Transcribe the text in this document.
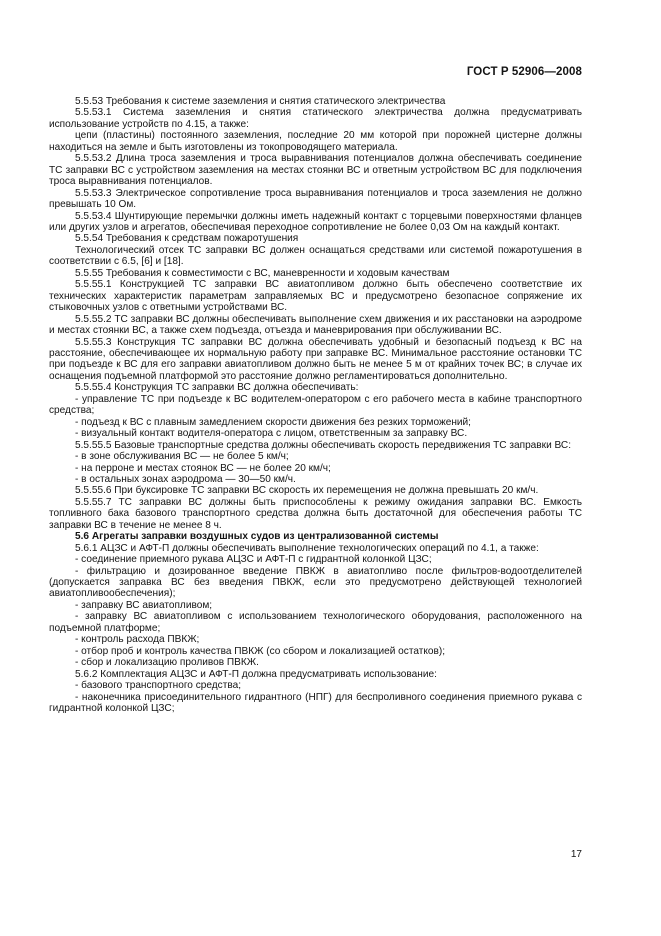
ГОСТ Р 52906—2008

5.5.53 Требования к системе заземления и снятия статического электричества

5.5.53.1 Система заземления и снятия статического электричества должна предусматривать использование устройств по 4.15, а также:

цепи (пластины) постоянного заземления, последние 20 мм которой при порожней цистерне должны находиться на земле и быть изготовлены из токопроводящего материала.

5.5.53.2 Длина троса заземления и троса выравнивания потенциалов должна обеспечивать соединение ТС заправки ВС с устройством заземления на местах стоянки ВС и ответным устройством ВС для подключения троса выравнивания потенциалов.

5.5.53.3 Электрическое сопротивление троса выравнивания потенциалов и троса заземления не должно превышать 10 Ом.

5.5.53.4 Шунтирующие перемычки должны иметь надежный контакт с торцевыми поверхностями фланцев или других узлов и агрегатов, обеспечивая переходное сопротивление не более 0,03 Ом на каждый контакт.

5.5.54 Требования к средствам пожаротушения

Технологический отсек ТС заправки ВС должен оснащаться средствами или системой пожаротушения в соответствии с 6.5, [6] и [18].

5.5.55 Требования к совместимости с ВС, маневренности и ходовым качествам

5.5.55.1 Конструкцией ТС заправки ВС авиатопливом должно быть обеспечено соответствие их технических характеристик параметрам заправляемых ВС и предусмотрено безопасное сопряжение их стыковочных узлов с ответными устройствами ВС.

5.5.55.2 ТС заправки ВС должны обеспечивать выполнение схем движения и их расстановки на аэродроме и местах стоянки ВС, а также схем подъезда, отъезда и маневрирования при обслуживании ВС.

5.5.55.3 Конструкция ТС заправки ВС должна обеспечивать удобный и безопасный подъезд к ВС на расстояние, обеспечивающее их нормальную работу при заправке ВС. Минимальное расстояние остановки ТС при подъезде к ВС для его заправки авиатопливом должно быть не менее 5 м от крайних точек ВС; в случае их оснащения подъемной платформой это расстояние должно регламентироваться дополнительно.

5.5.55.4 Конструкция ТС заправки ВС должна обеспечивать:

- управление ТС при подъезде к ВС водителем-оператором с его рабочего места в кабине транспортного средства;

- подъезд к ВС с плавным замедлением скорости движения без резких торможений;

- визуальный контакт водителя-оператора с лицом, ответственным за заправку ВС.

5.5.55.5 Базовые транспортные средства должны обеспечивать скорость передвижения ТС заправки ВС:

- в зоне обслуживания ВС — не более 5 км/ч;

- на перроне и местах стоянок ВС — не более 20 км/ч;

- в остальных зонах аэродрома — 30—50 км/ч.

5.5.55.6 При буксировке ТС заправки ВС скорость их перемещения не должна превышать 20 км/ч.

5.5.55.7 ТС заправки ВС должны быть приспособлены к режиму ожидания заправки ВС. Емкость топливного бака базового транспортного средства должна быть достаточной для обеспечения работы ТС заправки ВС в течение не менее 8 ч.

5.6 Агрегаты заправки воздушных судов из централизованной системы

5.6.1 АЦЗС и АФТ-П должны обеспечивать выполнение технологических операций по 4.1, а также:

- соединение приемного рукава АЦЗС и АФТ-П с гидрантной колонкой ЦЗС;

- фильтрацию и дозированное введение ПВКЖ в авиатопливо после фильтров-водоотделителей (допускается заправка ВС без введения ПВКЖ, если это предусмотрено действующей технологией авиатопливообеспечения);

- заправку ВС авиатопливом;

- заправку ВС авиатопливом с использованием технологического оборудования, расположенного на подъемной платформе;

- контроль расхода ПВКЖ;

- отбор проб и контроль качества ПВКЖ (со сбором и локализацией остатков);

- сбор и локализацию проливов ПВКЖ.

5.6.2 Комплектация АЦЗС и АФТ-П должна предусматривать использование:

- базового транспортного средства;

- наконечника присоединительного гидрантного (НПГ) для беспроливного соединения приемного рукава с гидрантной колонкой ЦЗС;

17
